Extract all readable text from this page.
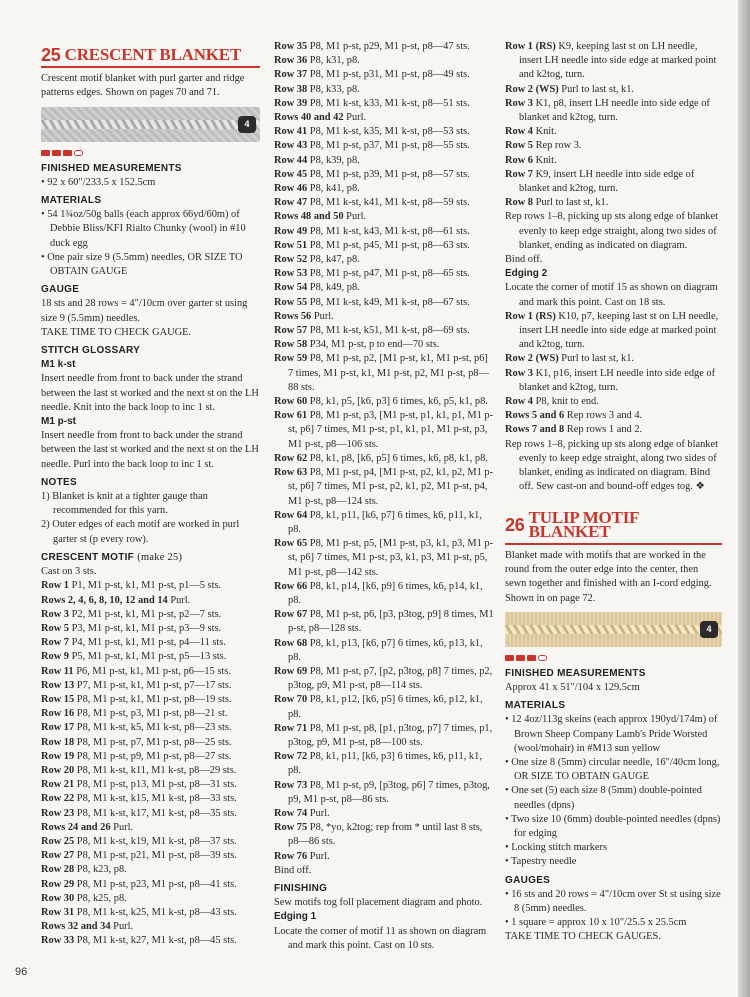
25 CRESCENT BLANKET

Crescent motif blanket with purl garter and ridge patterns edges. Shown on pages 70 and 71.

4
FINISHED MEASUREMENTS

• 92 x 60"/233.5 x 152.5cm

MATERIALS

• 54 1¾oz/50g balls (each approx 66yd/60m) of Debbie Bliss/KFI Rialto Chunky (wool) in #10 duck egg

• One pair size 9 (5.5mm) needles, OR SIZE TO OBTAIN GAUGE

GAUGE

18 sts and 28 rows = 4"/10cm over garter st using size 9 (5.5mm) needles.

TAKE TIME TO CHECK GAUGE.

STITCH GLOSSARY
M1 k-st

Insert needle from front to back under the strand between the last st worked and the next st on the LH needle. Knit into the back loop to inc 1 st.

M1 p-st

Insert needle from front to back under the strand between the last st worked and the next st on the LH needle. Purl into the back loop to inc 1 st.

NOTES

1) Blanket is knit at a tighter gauge than recommended for this yarn.

2) Outer edges of each motif are worked in purl garter st (p every row).

CRESCENT MOTIF (make 25)

Cast on 3 sts.

Row 1 P1, M1 p-st, k1, M1 p-st, p1—5 sts.

Rows 2, 4, 6, 8, 10, 12 and 14 Purl.

Row 3 P2, M1 p-st, k1, M1 p-st, p2—7 sts.

Row 5 P3, M1 p-st, k1, M1 p-st, p3—9 sts.

Row 7 P4, M1 p-st, k1, M1 p-st, p4—11 sts.

Row 9 P5, M1 p-st, k1, M1 p-st, p5—13 sts.

Row 11 P6, M1 p-st, k1, M1 p-st, p6—15 sts.

Row 13 P7, M1 p-st, k1, M1 p-st, p7—17 sts.

Row 15 P8, M1 p-st, k1, M1 p-st, p8—19 sts.

Row 16 P8, M1 p-st, p3, M1 p-st, p8—21 st.

Row 17 P8, M1 k-st, k5, M1 k-st, p8—23 sts.

Row 18 P8, M1 p-st, p7, M1 p-st, p8—25 sts.

Row 19 P8, M1 p-st, p9, M1 p-st, p8—27 sts.

Row 20 P8, M1 k-st, k11, M1 k-st, p8—29 sts.

Row 21 P8, M1 p-st, p13, M1 p-st, p8—31 sts.

Row 22 P8, M1 k-st, k15, M1 k-st, p8—33 sts.

Row 23 P8, M1 k-st, k17, M1 k-st, p8—35 sts.

Rows 24 and 26 Purl.

Row 25 P8, M1 k-st, k19, M1 k-st, p8—37 sts.

Row 27 P8, M1 p-st, p21, M1 p-st, p8—39 sts.

Row 28 P8, k23, p8.

Row 29 P8, M1 p-st, p23, M1 p-st, p8—41 sts.

Row 30 P8, k25, p8.

Row 31 P8, M1 k-st, k25, M1 k-st, p8—43 sts.

Rows 32 and 34 Purl.

Row 33 P8, M1 k-st, k27, M1 k-st, p8—45 sts.

Row 35 P8, M1 p-st, p29, M1 p-st, p8—47 sts.

Row 36 P8, k31, p8.

Row 37 P8, M1 p-st, p31, M1 p-st, p8—49 sts.

Row 38 P8, k33, p8.

Row 39 P8, M1 k-st, k33, M1 k-st, p8—51 sts.

Rows 40 and 42 Purl.

Row 41 P8, M1 k-st, k35, M1 k-st, p8—53 sts.

Row 43 P8, M1 p-st, p37, M1 p-st, p8—55 sts.

Row 44 P8, k39, p8.

Row 45 P8, M1 p-st, p39, M1 p-st, p8—57 sts.

Row 46 P8, k41, p8.

Row 47 P8, M1 k-st, k41, M1 k-st, p8—59 sts.

Rows 48 and 50 Purl.

Row 49 P8, M1 k-st, k43, M1 k-st, p8—61 sts.

Row 51 P8, M1 p-st, p45, M1 p-st, p8—63 sts.

Row 52 P8, k47, p8.

Row 53 P8, M1 p-st, p47, M1 p-st, p8—65 sts.

Row 54 P8, k49, p8.

Row 55 P8, M1 k-st, k49, M1 k-st, p8—67 sts.

Rows 56 Purl.

Row 57 P8, M1 k-st, k51, M1 k-st, p8—69 sts.

Row 58 P34, M1 p-st, p to end—70 sts.

Row 59 P8, M1 p-st, p2, [M1 p-st, k1, M1 p-st, p6] 7 times, M1 p-st, k1, M1 p-st, p2, M1 p-st, p8—88 sts.

Row 60 P8, k1, p5, [k6, p3] 6 times, k6, p5, k1, p8.

Row 61 P8, M1 p-st, p3, [M1 p-st, p1, k1, p1, M1 p-st, p6] 7 times, M1 p-st, p1, k1, p1, M1 p-st, p3, M1 p-st, p8—106 sts.

Row 62 P8, k1, p8, [k6, p5] 6 times, k6, p8, k1, p8.

Row 63 P8, M1 p-st, p4, [M1 p-st, p2, k1, p2, M1 p-st, p6] 7 times, M1 p-st, p2, k1, p2, M1 p-st, p4, M1 p-st, p8—124 sts.

Row 64 P8, k1, p11, [k6, p7] 6 times, k6, p11, k1, p8.

Row 65 P8, M1 p-st, p5, [M1 p-st, p3, k1, p3, M1 p-st, p6] 7 times, M1 p-st, p3, k1, p3, M1 p-st, p5, M1 p-st, p8—142 sts.

Row 66 P8, k1, p14, [k6, p9] 6 times, k6, p14, k1, p8.

Row 67 P8, M1 p-st, p6, [p3, p3tog, p9] 8 times, M1 p-st, p8—128 sts.

Row 68 P8, k1, p13, [k6, p7] 6 times, k6, p13, k1, p8.

Row 69 P8, M1 p-st, p7, [p2, p3tog, p8] 7 times, p2, p3tog, p9, M1 p-st, p8—114 sts.

Row 70 P8, k1, p12, [k6, p5] 6 times, k6, p12, k1, p8.

Row 71 P8, M1 p-st, p8, [p1, p3tog, p7] 7 times, p1, p3tog, p9, M1 p-st, p8—100 sts.

Row 72 P8, k1, p11, [k6, p3] 6 times, k6, p11, k1, p8.

Row 73 P8, M1 p-st, p9, [p3tog, p6] 7 times, p3tog, p9, M1 p-st, p8—86 sts.

Row 74 Purl.

Row 75 P8, *yo, k2tog; rep from * until last 8 sts, p8—86 sts.

Row 76 Purl.

Bind off.

FINISHING

Sew motifs tog foll placement diagram and photo.

Edging 1

Locate the corner of motif 11 as shown on diagram and mark this point. Cast on 10 sts.

Row 1 (RS) K9, keeping last st on LH needle, insert LH needle into side edge at marked point and k2tog, turn.

Row 2 (WS) Purl to last st, k1.

Row 3 K1, p8, insert LH needle into side edge of blanket and k2tog, turn.

Row 4 Knit.

Row 5 Rep row 3.

Row 6 Knit.

Row 7 K9, insert LH needle into side edge of blanket and k2tog, turn.

Row 8 Purl to last st, k1.

Rep rows 1–8, picking up sts along edge of blanket evenly to keep edge straight, along two sides of blanket, ending as indicated on diagram.

Bind off.

Edging 2

Locate the corner of motif 15 as shown on diagram and mark this point. Cast on 18 sts.

Row 1 (RS) K10, p7, keeping last st on LH needle, insert LH needle into side edge at marked point and k2tog, turn.

Row 2 (WS) Purl to last st, k1.

Row 3 K1, p16, insert LH needle into side edge of blanket and k2tog, turn.

Row 4 P8, knit to end.

Rows 5 and 6 Rep rows 3 and 4.

Rows 7 and 8 Rep rows 1 and 2.

Rep rows 1–8, picking up sts along edge of blanket evenly to keep edge straight, along two sides of blanket, ending as indicated on diagram. Bind off. Sew cast-on and bound-off edges tog. ❖

26 TULIP MOTIF BLANKET

Blanket made with motifs that are worked in the round from the outer edge into the center, then sewn together and finished with an I-cord edging. Shown in on page 72.

4
FINISHED MEASUREMENTS

Approx 41 x 51"/104 x 129.5cm

MATERIALS

• 12 4oz/113g skeins (each approx 190yd/174m) of Brown Sheep Company Lamb's Pride Worsted (wool/mohair) in #M13 sun yellow

• One size 8 (5mm) circular needle, 16"/40cm long, OR SIZE TO OBTAIN GAUGE

• One set (5) each size 8 (5mm) double-pointed needles (dpns)

• Two size 10 (6mm) double-pointed needles (dpns) for edging

• Locking stitch markers

• Tapestry needle

GAUGES

• 16 sts and 20 rows = 4"/10cm over St st using size 8 (5mm) needles.

• 1 square = approx 10 x 10"/25.5 x 25.5cm

TAKE TIME TO CHECK GAUGES.

96
